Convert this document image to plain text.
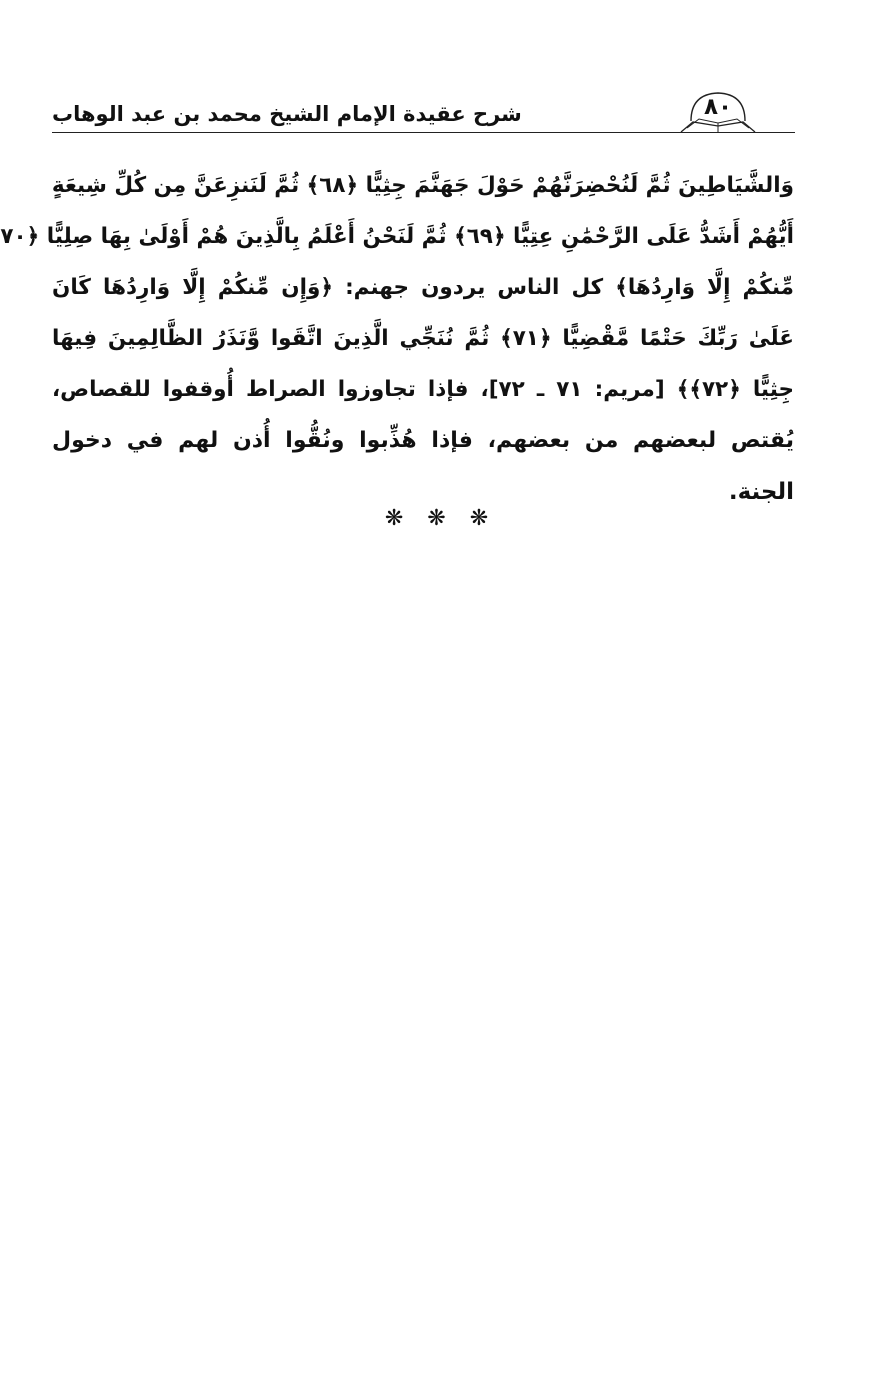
شرح عقيدة الإمام الشيخ محمد بن عبد الوهاب	٨٠
وَالشَّيَاطِينَ ثُمَّ لَنُحْضِرَنَّهُمْ حَوْلَ جَهَنَّمَ جِثِيًّا ﴿٦٨﴾ ثُمَّ لَنَنزِعَنَّ مِن كُلِّ شِيعَةٍ
أَيُّهُمْ أَشَدُّ عَلَى الرَّحْمَٰنِ عِتِيًّا ﴿٦٩﴾ ثُمَّ لَنَحْنُ أَعْلَمُ بِالَّذِينَ هُمْ أَوْلَىٰ بِهَا صِلِيًّا ﴿٧٠
مِّنكُمْ إِلَّا وَارِدُهَا﴾ كل الناس يردون جهنم: ﴿وَإِن مِّنكُمْ إِلَّا وَارِدُهَا كَانَ
عَلَىٰ رَبِّكَ حَتْمًا مَّقْضِيًّا ﴿٧١﴾ ثُمَّ نُنَجِّي الَّذِينَ اتَّقَوا وَّنَذَرُ الظَّالِمِينَ فِيهَا
جِثِيًّا ﴿٧٢﴾﴾ [مريم: ٧١ ـ ٧٢]، فإذا تجاوزوا الصراط أُوقفوا للقصاص،
يُقتص لبعضهم من بعضهم، فإذا هُذِّبوا ونُقُّوا أُذن لهم في دخول
الجنة.
❋❋❋
